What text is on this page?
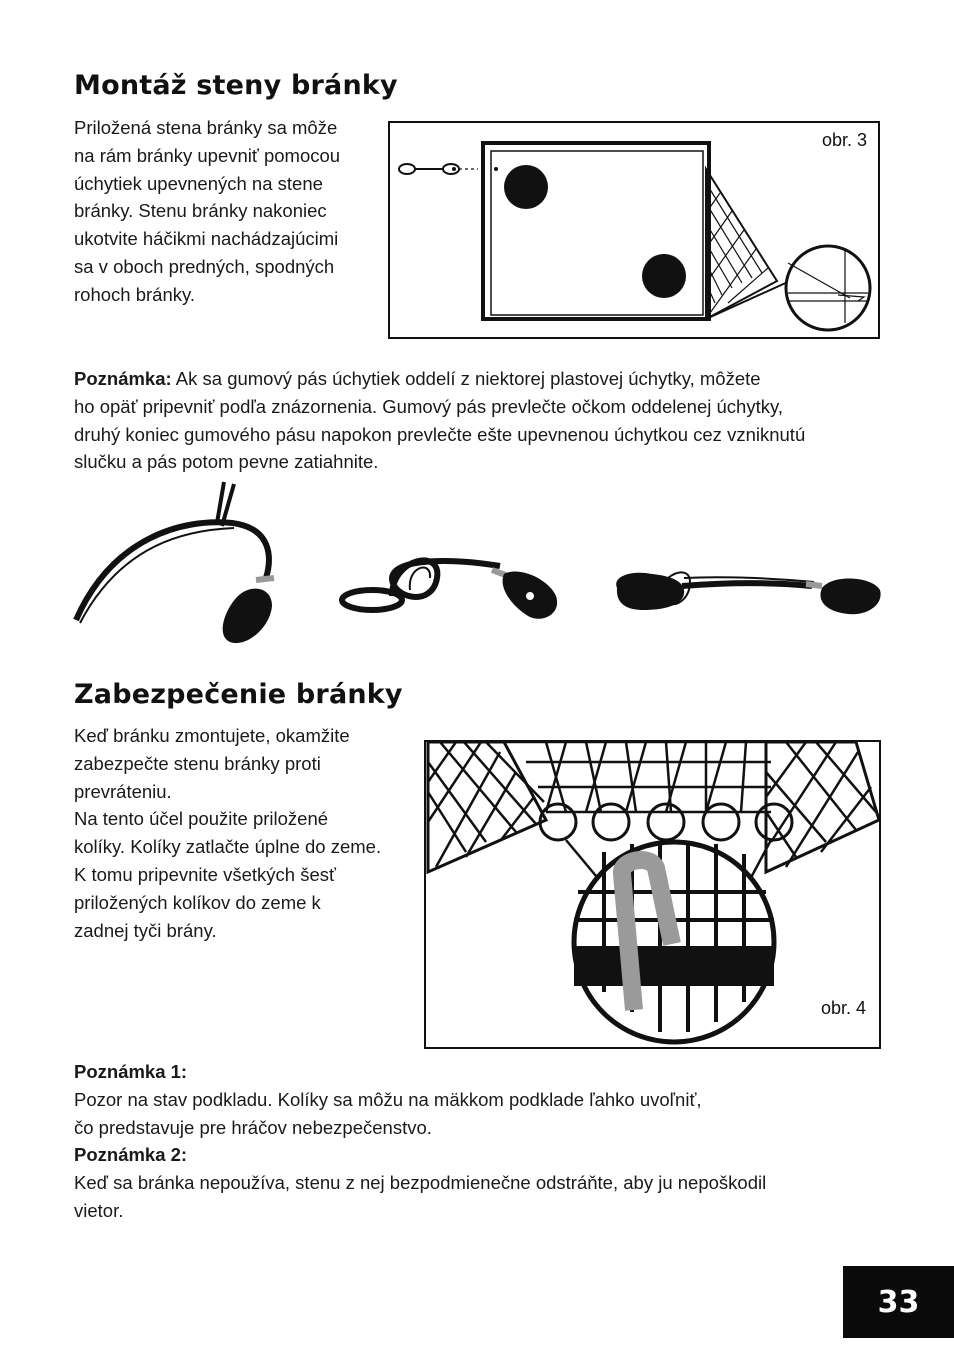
Montáž steny bránky
Priložená stena bránky sa môže
na rám bránky upevniť pomocou
úchytiek upevnených na stene
bránky. Stenu bránky nakoniec
ukotvite háčikmi nachádzajúcimi
sa v oboch predných, spodných
rohoch bránky.
obr. 3
Poznámka: Ak sa gumový pás úchytiek oddelí z niektorej plastovej úchytky, môžete
ho opäť pripevniť podľa znázornenia. Gumový pás prevlečte očkom oddelenej úchytky,
druhý koniec gumového pásu napokon prevlečte ešte upevnenou úchytkou cez vzniknutú
slučku a pás potom pevne zatiahnite.
Zabezpečenie bránky
Keď bránku zmontujete, okamžite
zabezpečte stenu bránky proti
prevráteniu.
Na tento účel použite priložené
kolíky. Kolíky zatlačte úplne do zeme.
K tomu pripevnite všetkých šesť
priložených kolíkov do zeme k
zadnej tyči brány.
obr. 4
Poznámka 1:
Pozor na stav podkladu. Kolíky sa môžu na mäkkom podklade ľahko uvoľniť,
čo predstavuje pre hráčov nebezpečenstvo.
Poznámka 2:
Keď sa bránka nepoužíva, stenu z nej bezpodmienečne odstráňte, aby ju nepoškodil
vietor.
33
